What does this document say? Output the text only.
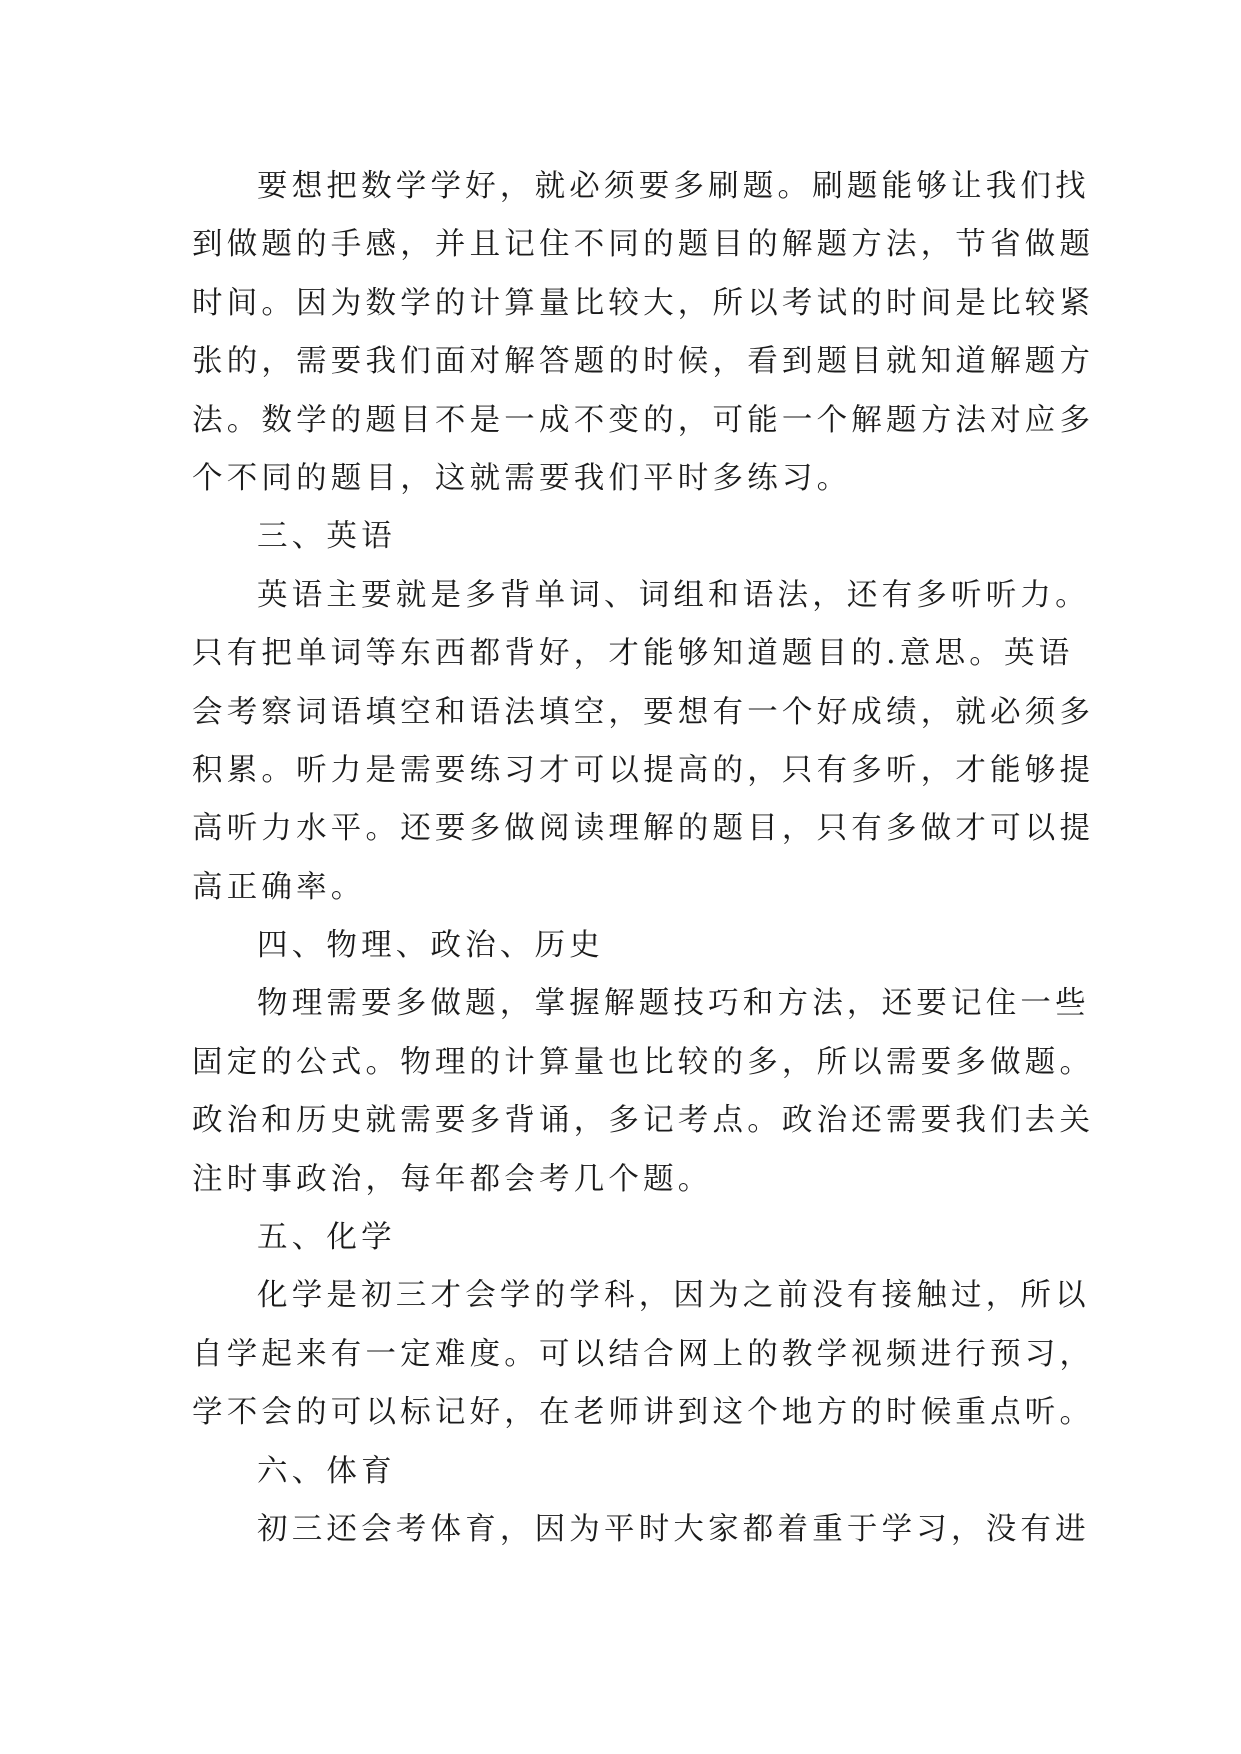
要想把数学学好，就必须要多刷题。刷题能够让我们找
到做题的手感，并且记住不同的题目的解题方法，节省做题
时间。因为数学的计算量比较大，所以考试的时间是比较紧
张的，需要我们面对解答题的时候，看到题目就知道解题方
法。数学的题目不是一成不变的，可能一个解题方法对应多
个不同的题目，这就需要我们平时多练习。
三、英语
英语主要就是多背单词、词组和语法，还有多听听力。
只有把单词等东西都背好，才能够知道题目的.意思。英语
会考察词语填空和语法填空，要想有一个好成绩，就必须多
积累。听力是需要练习才可以提高的，只有多听，才能够提
高听力水平。还要多做阅读理解的题目，只有多做才可以提
高正确率。
四、物理、政治、历史
物理需要多做题，掌握解题技巧和方法，还要记住一些
固定的公式。物理的计算量也比较的多，所以需要多做题。
政治和历史就需要多背诵，多记考点。政治还需要我们去关
注时事政治，每年都会考几个题。
五、化学
化学是初三才会学的学科，因为之前没有接触过，所以
自学起来有一定难度。可以结合网上的教学视频进行预习，
学不会的可以标记好，在老师讲到这个地方的时候重点听。
六、体育
初三还会考体育，因为平时大家都着重于学习，没有进
